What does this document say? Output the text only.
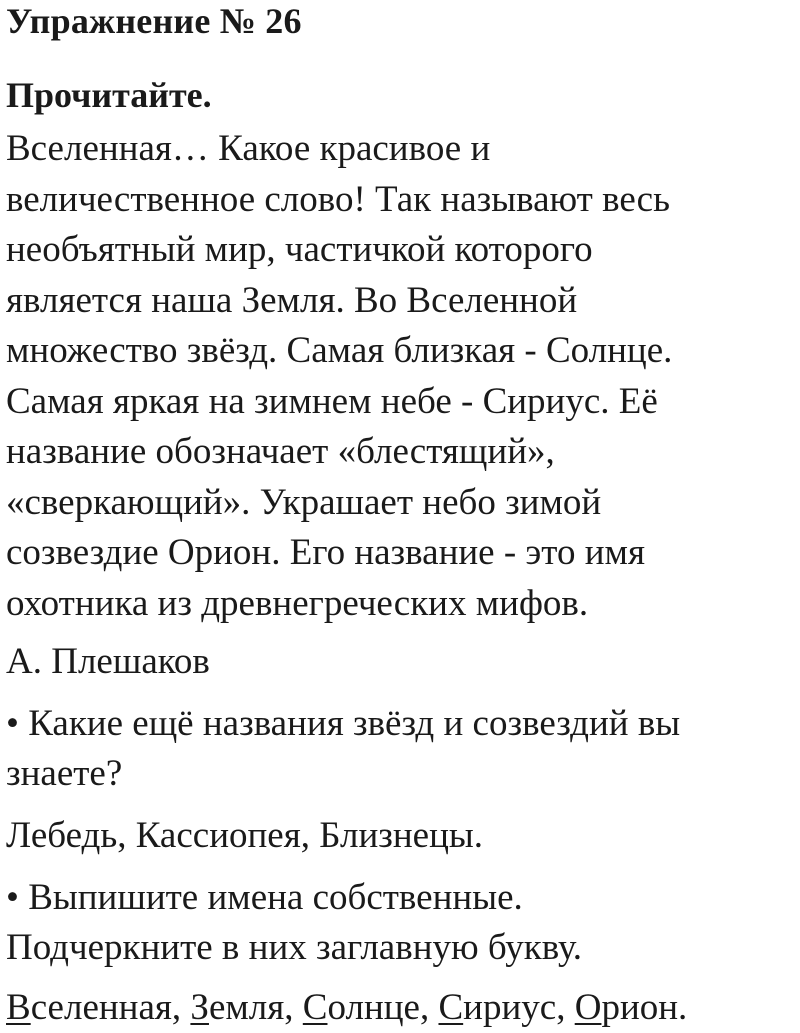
Упражнение № 26
Прочитайте.
Вселенная… Какое красивое и
величественное слово! Так называют весь
необъятный мир, частичкой которого
является наша Земля. Во Вселенной
множество звёзд. Самая близкая - Солнце.
Самая яркая на зимнем небе - Сириус. Её
название обозначает «блестящий»,
«сверкающий». Украшает небо зимой
созвездие Орион. Его название - это имя
охотника из древнегреческих мифов.
А. Плешаков
• Какие ещё названия звёзд и созвездий вы
знаете?
Лебедь, Кассиопея, Близнецы.
• Выпишите имена собственные.
Подчеркните в них заглавную букву.
Вселенная, Земля, Солнце, Сириус, Орион.
